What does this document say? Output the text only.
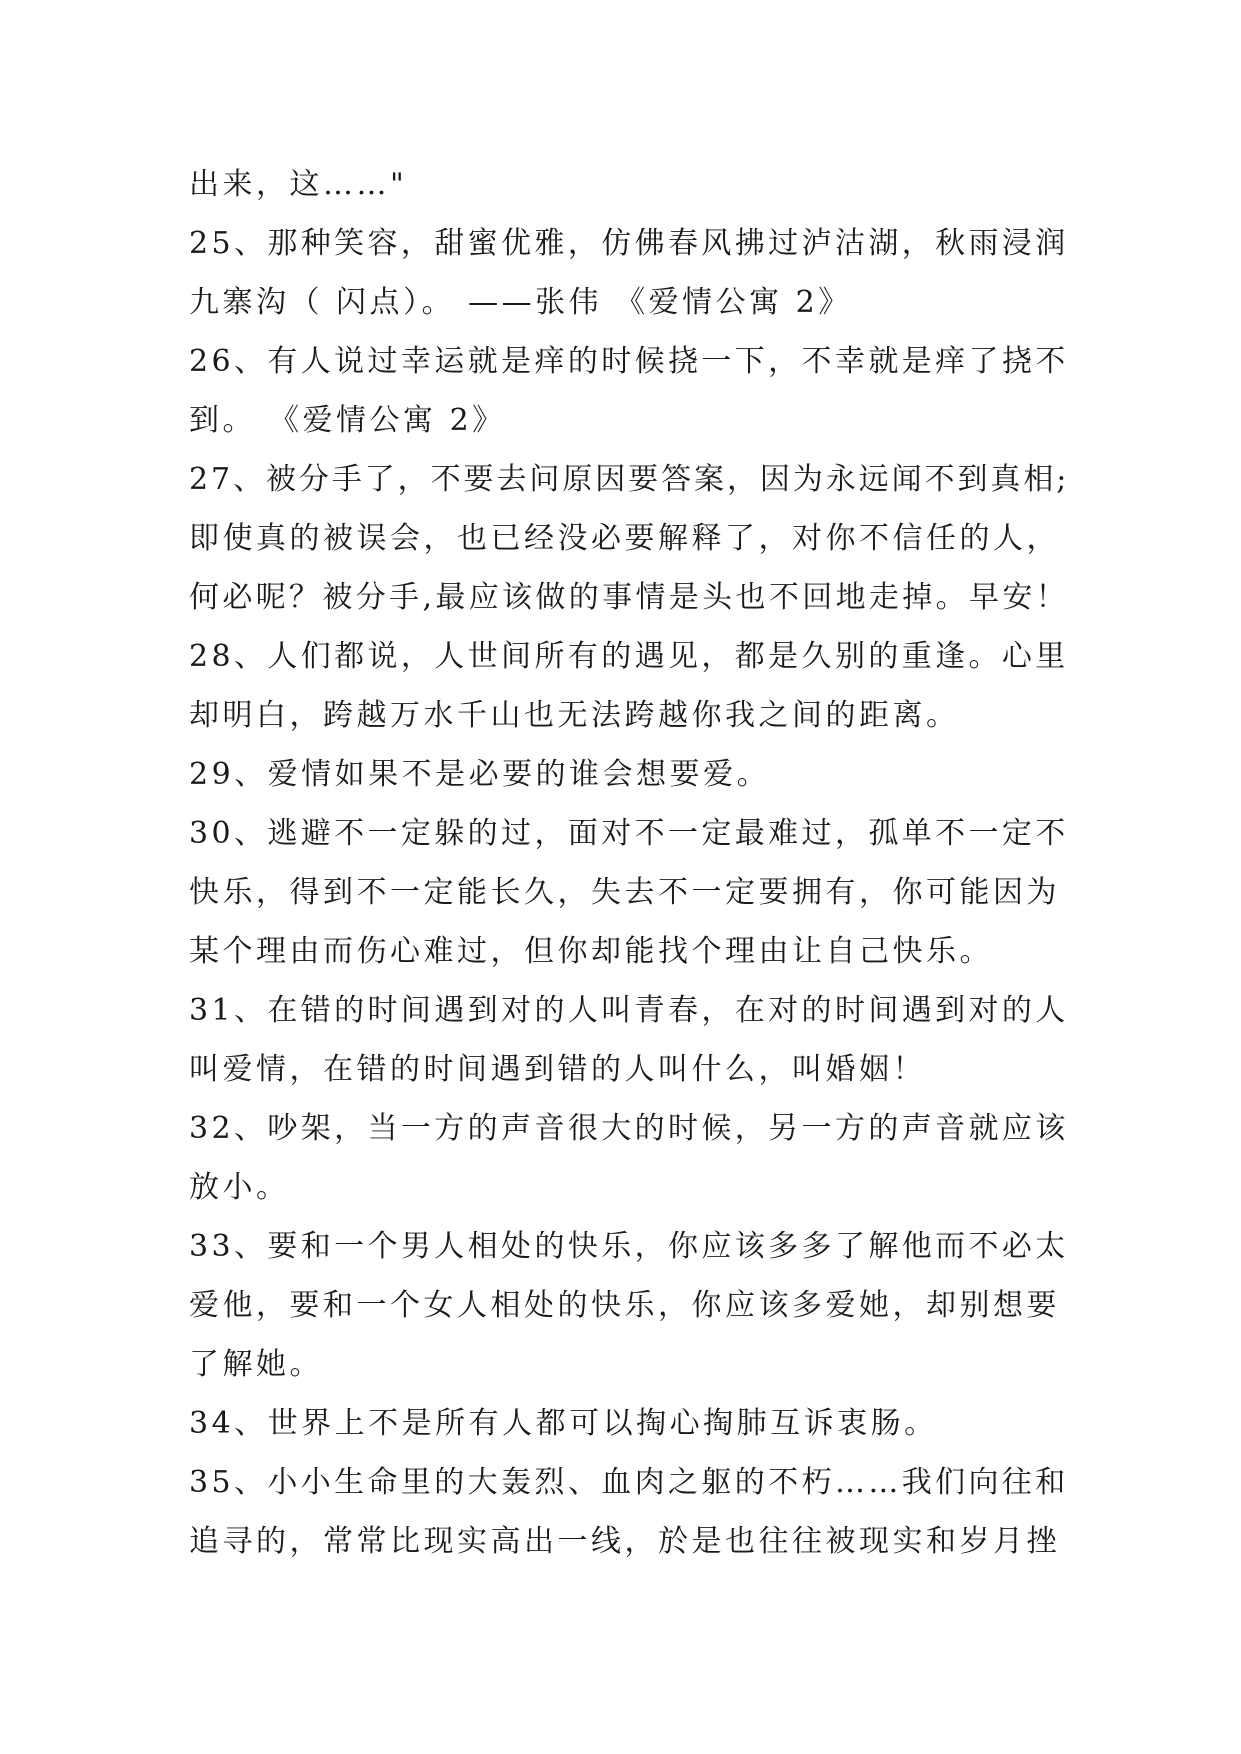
出来，这……"
25、那种笑容，甜蜜优雅，仿佛春风拂过泸沽湖，秋雨浸润
九寨沟（ 闪点）。 ——张伟 《爱情公寓 2》
26、有人说过幸运就是痒的时候挠一下，不幸就是痒了挠不
到。 《爱情公寓 2》
27、被分手了，不要去问原因要答案，因为永远闻不到真相;
即使真的被误会，也已经没必要解释了，对你不信任的人，
何必呢？被分手,最应该做的事情是头也不回地走掉。早安！
28、人们都说，人世间所有的遇见，都是久别的重逢。心里
却明白，跨越万水千山也无法跨越你我之间的距离。
29、爱情如果不是必要的谁会想要爱。
30、逃避不一定躲的过，面对不一定最难过，孤单不一定不
快乐，得到不一定能长久，失去不一定要拥有，你可能因为
某个理由而伤心难过，但你却能找个理由让自己快乐。
31、在错的时间遇到对的人叫青春，在对的时间遇到对的人
叫爱情，在错的时间遇到错的人叫什么，叫婚姻！
32、吵架，当一方的声音很大的时候，另一方的声音就应该
放小。
33、要和一个男人相处的快乐，你应该多多了解他而不必太
爱他，要和一个女人相处的快乐，你应该多爱她，却别想要
了解她。
34、世界上不是所有人都可以掏心掏肺互诉衷肠。
35、小小生命里的大轰烈、血肉之躯的不朽……我们向往和
追寻的，常常比现实高出一线，於是也往往被现实和岁月挫
